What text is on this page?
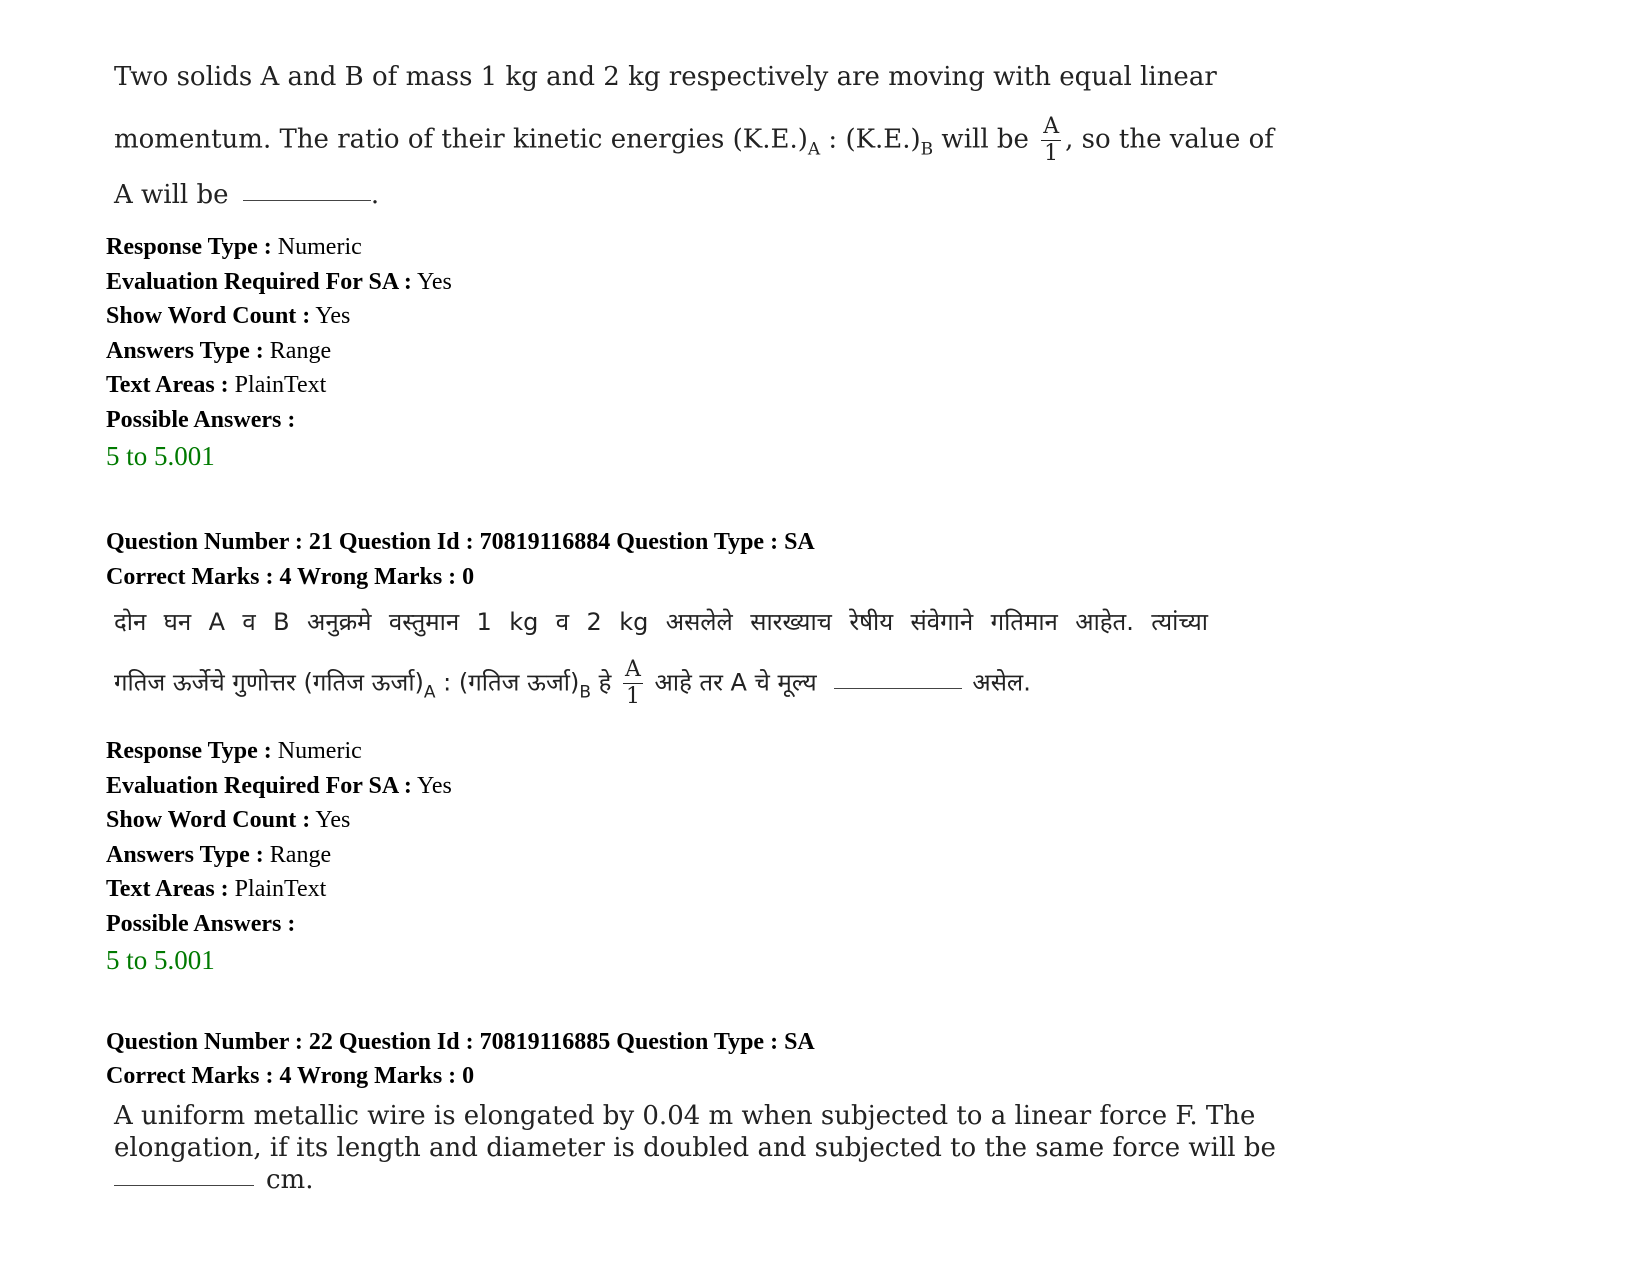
Two solids A and B of mass 1 kg and 2 kg respectively are moving with equal linear
momentum. The ratio of their kinetic energies $(K.E.)_A$ : $(K.E.)_B$ will be $\frac{A}{1}$ , so the value of
A will be	.
Response Type : Numeric
Evaluation Required For SA : Yes
Show Word Count : Yes
Answers Type : Range
Text Areas : PlainText
Possible Answers :
5 to 5.001
Question Number : 21 Question Id : 70819116884 Question Type : SA
Correct Marks : 4 Wrong Marks : 0
दोन घन A व B अनुक्रमे वस्तुमान 1 kg व 2 kg असलेले सारख्याच रेषीय संवेगाने गतिमान आहेत. त्यांच्या
गतिज ऊर्जेचे गुणोत्तर (गतिज $ऊर्जा)_A$ : (गतिज $ऊर्जा)_B$ हे $\frac{A}{1}$ आहे तर A चे मूल्य	असेल.
Response Type : Numeric
Evaluation Required For SA : Yes
Show Word Count : Yes
Answers Type : Range
Text Areas : PlainText
Possible Answers :
5 to 5.001
Question Number : 22 Question Id : 70819116885 Question Type : SA
Correct Marks : 4 Wrong Marks : 0
A uniform metallic wire is elongated by 0.04 m when subjected to a linear force F. The
elongation, if its length and diameter is doubled and subjected to the same force will be
cm.
